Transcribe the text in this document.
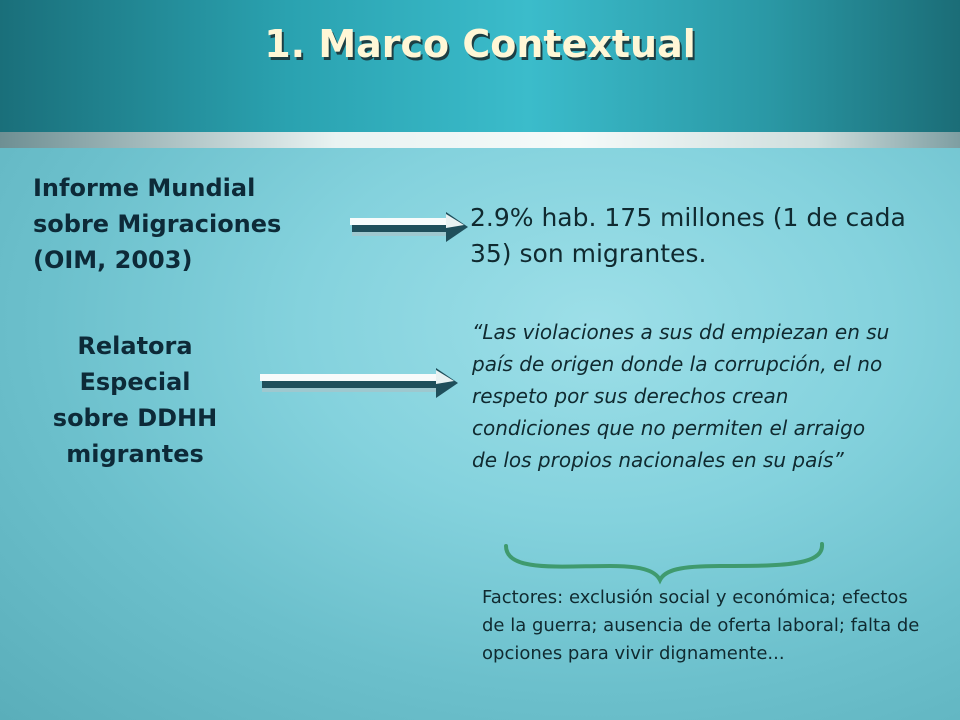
1. Marco Contextual
Informe Mundial
sobre Migraciones
(OIM, 2003)
Relatora
Especial
sobre DDHH
migrantes
2.9% hab. 175 millones (1 de cada 35) son migrantes.
“Las violaciones a sus dd empiezan en su país de origen donde la corrupción, el no respeto por sus derechos crean condiciones que no permiten el arraigo de los propios nacionales en su país”
Factores: exclusión social y económica; efectos de la guerra; ausencia de oferta laboral; falta de opciones para vivir dignamente...
